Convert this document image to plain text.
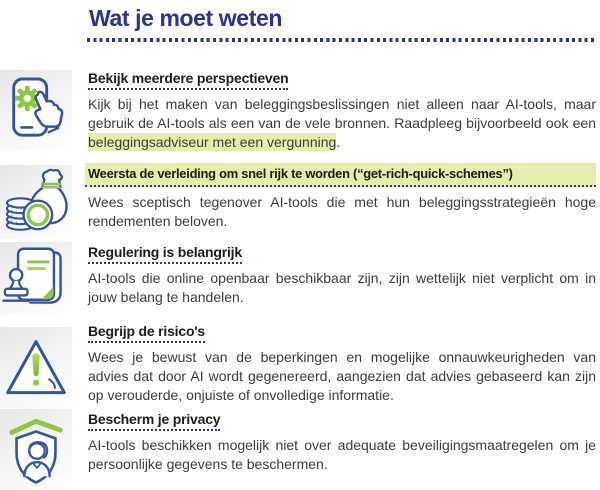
Wat je moet weten
Bekijk meerdere perspectieven

Kijk bij het maken van beleggingsbeslissingen niet alleen naar AI-tools, maar gebruik de AI-tools als een van de vele bronnen. Raadpleeg bijvoorbeeld ook een beleggingsadviseur met een vergunning.

Weersta de verleiding om snel rijk te worden (“get-rich-quick-schemes”)

Wees sceptisch tegenover AI-tools die met hun beleggingsstrategieën hoge rendementen beloven.

Regulering is belangrijk

AI-tools die online openbaar beschikbaar zijn, zijn wettelijk niet verplicht om in jouw belang te handelen.

Begrijp de risico's

Wees je bewust van de beperkingen en mogelijke onnauwkeurigheden van advies dat door AI wordt gegenereerd, aangezien dat advies gebaseerd kan zijn op verouderde, onjuiste of onvolledige informatie.

Bescherm je privacy

AI-tools beschikken mogelijk niet over adequate beveiligingsmaatregelen om je persoonlijke gegevens te beschermen.
